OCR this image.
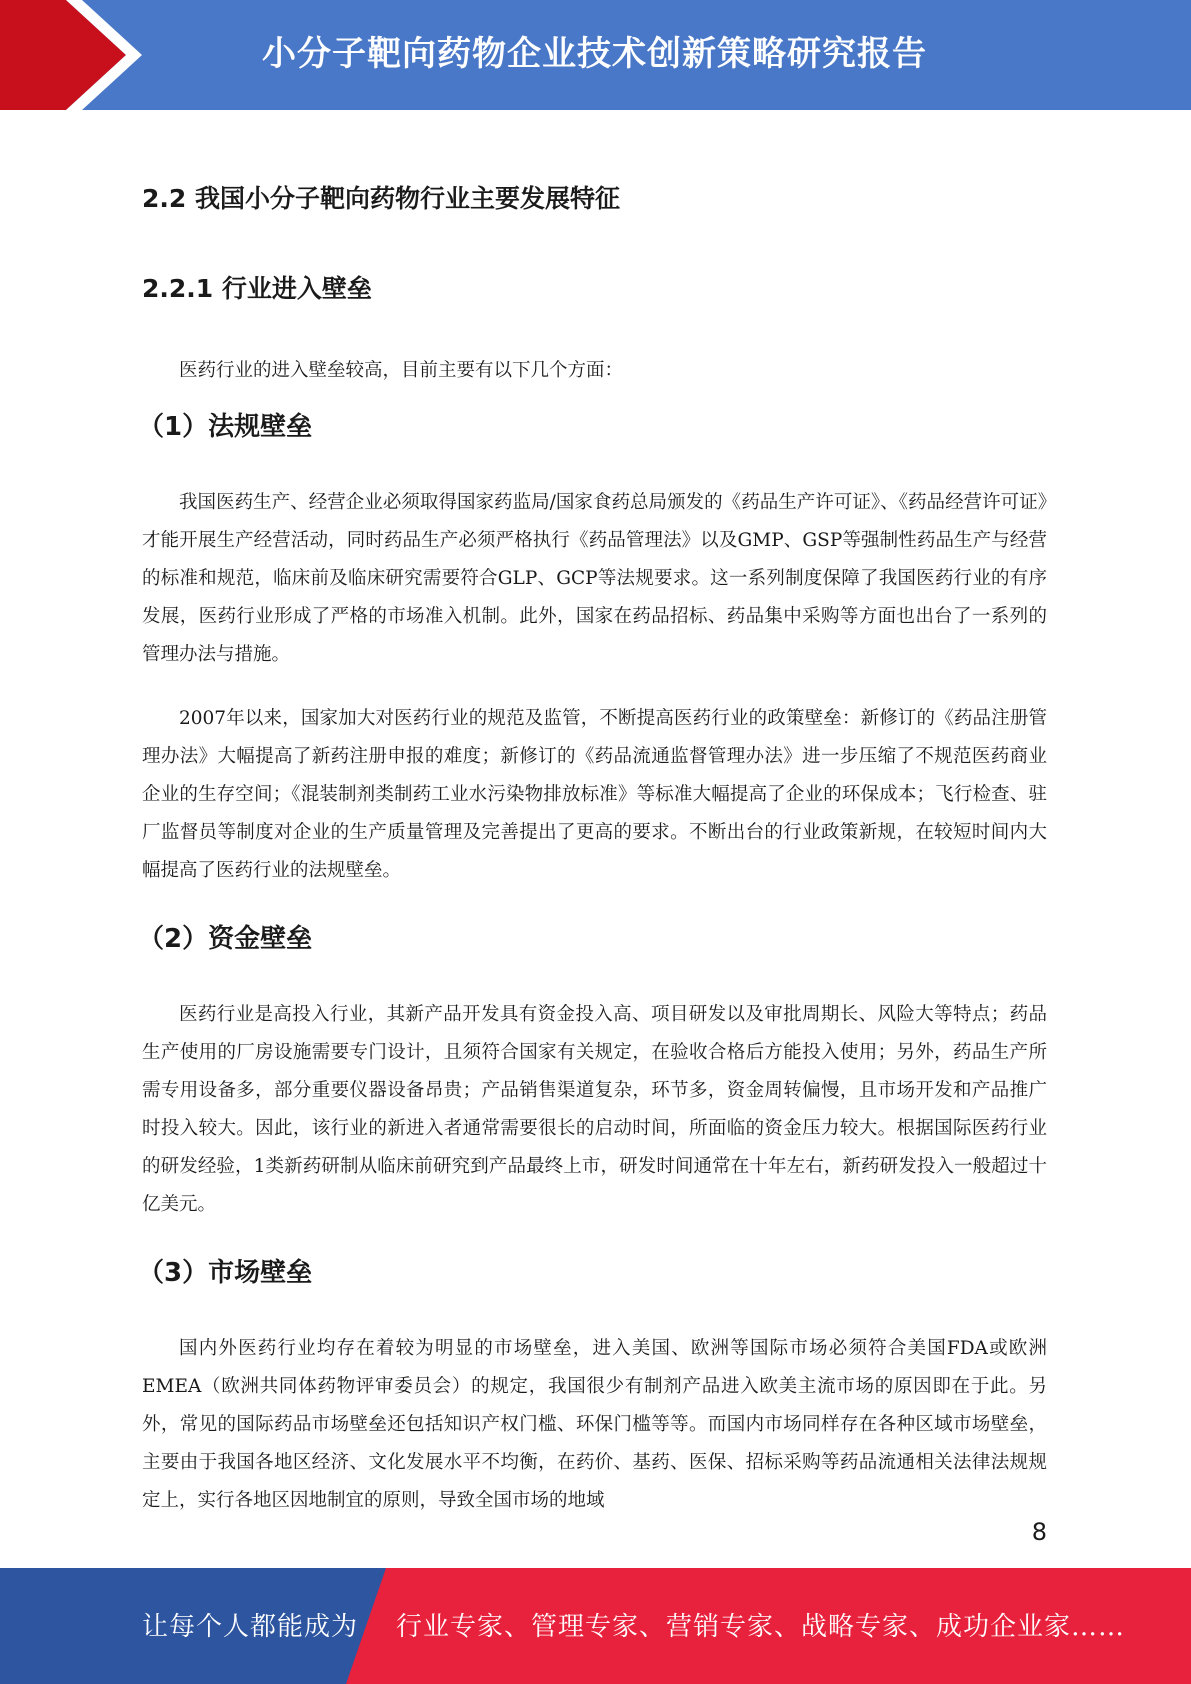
小分子靶向药物企业技术创新策略研究报告
2.2 我国小分子靶向药物行业主要发展特征
2.2.1 行业进入壁垒

医药行业的进入壁垒较高，目前主要有以下几个方面：

（1）法规壁垒

我国医药生产、经营企业必须取得国家药监局/国家食药总局颁发的《药品生产许可证》、《药品经营许可证》才能开展生产经营活动，同时药品生产必须严格执行《药品管理法》以及GMP、GSP等强制性药品生产与经营的标准和规范，临床前及临床研究需要符合GLP、GCP等法规要求。这一系列制度保障了我国医药行业的有序发展，医药行业形成了严格的市场准入机制。此外，国家在药品招标、药品集中采购等方面也出台了一系列的管理办法与措施。

2007年以来，国家加大对医药行业的规范及监管，不断提高医药行业的政策壁垒：新修订的《药品注册管理办法》大幅提高了新药注册申报的难度；新修订的《药品流通监督管理办法》进一步压缩了不规范医药商业企业的生存空间；《混装制剂类制药工业水污染物排放标准》等标准大幅提高了企业的环保成本；飞行检查、驻厂监督员等制度对企业的生产质量管理及完善提出了更高的要求。不断出台的行业政策新规，在较短时间内大幅提高了医药行业的法规壁垒。

（2）资金壁垒

医药行业是高投入行业，其新产品开发具有资金投入高、项目研发以及审批周期长、风险大等特点；药品生产使用的厂房设施需要专门设计，且须符合国家有关规定，在验收合格后方能投入使用；另外，药品生产所需专用设备多，部分重要仪器设备昂贵；产品销售渠道复杂，环节多，资金周转偏慢，且市场开发和产品推广时投入较大。因此，该行业的新进入者通常需要很长的启动时间，所面临的资金压力较大。根据国际医药行业的研发经验，1类新药研制从临床前研究到产品最终上市，研发时间通常在十年左右，新药研发投入一般超过十亿美元。

（3）市场壁垒

国内外医药行业均存在着较为明显的市场壁垒，进入美国、欧洲等国际市场必须符合美国FDA或欧洲EMEA（欧洲共同体药物评审委员会）的规定，我国很少有制剂产品进入欧美主流市场的原因即在于此。另外，常见的国际药品市场壁垒还包括知识产权门槛、环保门槛等等。而国内市场同样存在各种区域市场壁垒，主要由于我国各地区经济、文化发展水平不均衡，在药价、基药、医保、招标采购等药品流通相关法律法规规定上，实行各地区因地制宜的原则，导致全国市场的地域

8
让每个人都能成为 行业专家、管理专家、营销专家、战略专家、成功企业家……
